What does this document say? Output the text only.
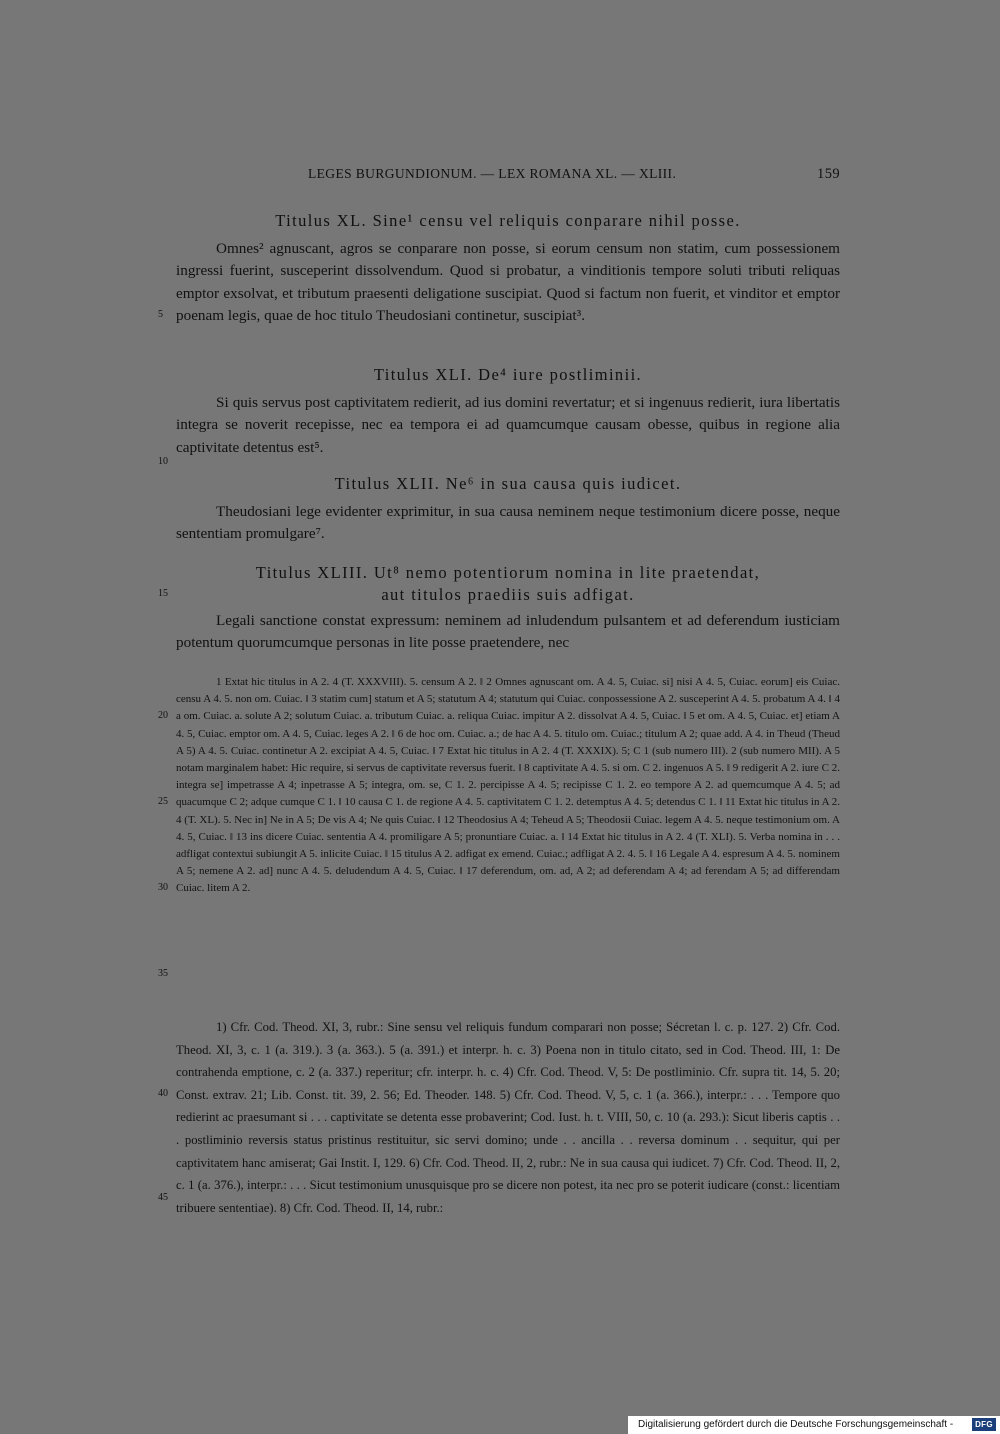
LEGES BURGUNDIONUM. — LEX ROMANA XL. — XLIII.	159
Titulus XL. Sine¹ censu vel reliquis conparare nihil posse.

Omnes² agnuscant, agros se conparare non posse, si eorum censum non statim, cum possessionem ingressi fuerint, susceperint dissolvendum. Quod si probatur, a vinditionis tempore soluti tributi reliquas emptor exsolvat, et tributum praesenti deligatione suscipiat. Quod si factum non fuerit, et vinditor et emptor poenam legis, quae de hoc titulo Theudosiani continetur, suscipiat³.

Titulus XLI. De⁴ iure postliminii.

Si quis servus post captivitatem redierit, ad ius domini revertatur; et si ingenuus redierit, iura libertatis integra se noverit recepisse, nec ea tempora ei ad quamcumque causam obesse, quibus in regione alia captivitate detentus est⁵.

Titulus XLII. Ne⁶ in sua causa quis iudicet.

Theudosiani lege evidenter exprimitur, in sua causa neminem neque testimonium dicere posse, neque sententiam promulgare⁷.

Titulus XLIII. Ut⁸ nemo potentiorum nomina in lite praetendat,
aut titulos praediis suis adfigat.

Legali sanctione constat expressum: neminem ad inludendum pulsantem et ad deferendum iusticiam potentum quorumcumque personas in lite posse praetendere, nec

1 Extat hic titulus in A 2. 4 (T. XXXVIII). 5. censum A 2. ‖ 2 Omnes agnuscant om. A 4. 5, Cuiac. si] nisi A 4. 5, Cuiac. eorum] eis Cuiac. censu A 4. 5. non om. Cuiac. ‖ 3 statim cum] statum et A 5; statutum A 4; statutum qui Cuiac. conpossessione A 2. susceperint A 4. 5. probatum A 4. ‖ 4 a om. Cuiac. a. solute A 2; solutum Cuiac. a. tributum Cuiac. a. reliqua Cuiac. impitur A 2. dissolvat A 4. 5, Cuiac. ‖ 5 et om. A 4. 5, Cuiac. et] etiam A 4. 5, Cuiac. emptor om. A 4. 5, Cuiac. leges A 2. ‖ 6 de hoc om. Cuiac. a.; de hac A 4. 5. titulo om. Cuiac.; titulum A 2; quae add. A 4. in Theud (Theud A 5) A 4. 5. Cuiac. continetur A 2. excipiat A 4. 5, Cuiac. ‖ 7 Extat hic titulus in A 2. 4 (T. XXXIX). 5; C 1 (sub numero III). 2 (sub numero MII). A 5 notam marginalem habet: Hic require, si servus de captivitate reversus fuerit. ‖ 8 captivitate A 4. 5. si om. C 2. ingenuos A 5. ‖ 9 redigerit A 2. iure C 2. integra se] impetrasse A 4; inpetrasse A 5; integra, om. se, C 1. 2. percipisse A 4. 5; recipisse C 1. 2. eo tempore A 2. ad quemcumque A 4. 5; ad quacumque C 2; adque cumque C 1. ‖ 10 causa C 1. de regione A 4. 5. captivitatem C 1. 2. detemptus A 4. 5; detendus C 1. ‖ 11 Extat hic titulus in A 2. 4 (T. XL). 5. Nec in] Ne in A 5; De vis A 4; Ne quis Cuiac. ‖ 12 Theodosius A 4; Teheud A 5; Theodosii Cuiac. legem A 4. 5. neque testimonium om. A 4. 5, Cuiac. ‖ 13 ins dicere Cuiac. sententia A 4. promiligare A 5; pronuntiare Cuiac. a. ‖ 14 Extat hic titulus in A 2. 4 (T. XLI). 5. Verba nomina in . . . adfligat contextui subiungit A 5. inlicite Cuiac. ‖ 15 titulus A 2. adfigat ex emend. Cuiac.; adfligat A 2. 4. 5. ‖ 16 Legale A 4. espresum A 4. 5. nominem A 5; nemene A 2. ad] nunc A 4. 5. deludendum A 4. 5, Cuiac. ‖ 17 deferendum, om. ad, A 2; ad deferendam A 4; ad ferendam A 5; ad differendam Cuiac. litem A 2.

1) Cfr. Cod. Theod. XI, 3, rubr.: Sine sensu vel reliquis fundum comparari non posse; Sécretan l. c. p. 127. 2) Cfr. Cod. Theod. XI, 3, c. 1 (a. 319.). 3 (a. 363.). 5 (a. 391.) et interpr. h. c. 3) Poena non in titulo citato, sed in Cod. Theod. III, 1: De contrahenda emptione, c. 2 (a. 337.) reperitur; cfr. interpr. h. c. 4) Cfr. Cod. Theod. V, 5: De postliminio. Cfr. supra tit. 14, 5. 20; Const. extrav. 21; Lib. Const. tit. 39, 2. 56; Ed. Theoder. 148. 5) Cfr. Cod. Theod. V, 5, c. 1 (a. 366.), interpr.: . . . Tempore quo redierint ac praesumant si . . . captivitate se detenta esse probaverint; Cod. Iust. h. t. VIII, 50, c. 10 (a. 293.): Sicut liberis captis . . . postliminio reversis status pristinus restituitur, sic servi domino; unde . . ancilla . . reversa dominum . . sequitur, qui per captivitatem hanc amiserat; Gai Instit. I, 129. 6) Cfr. Cod. Theod. II, 2, rubr.: Ne in sua causa qui iudicet. 7) Cfr. Cod. Theod. II, 2, c. 1 (a. 376.), interpr.: . . . Sicut testimonium unusquisque pro se dicere non potest, ita nec pro se poterit iudicare (const.: licentiam tribuere sententiae). 8) Cfr. Cod. Theod. II, 14, rubr.:

5
10
15
20
25
30
35
40
45
Digitalisierung gefördert durch die Deutsche Forschungsgemeinschaft -	DFG
